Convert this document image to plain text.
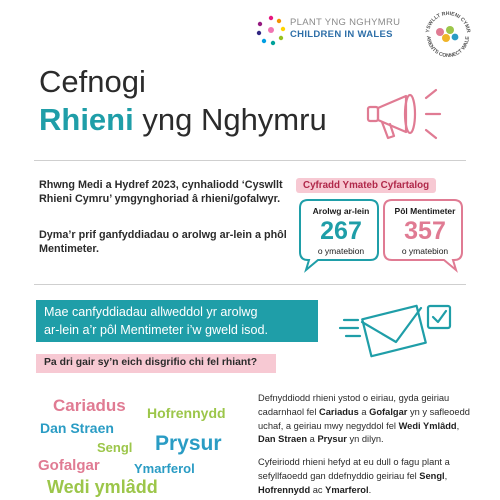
PLANT YNG NGHYMRU
CHILDREN IN WALES	YSWLLT RHIENI CYMR
ARENTS CONNECT WALE
Cefnogi
Rhieni yng Nghymru
Rhwng Medi a Hydref 2023, cynhaliodd ‘Cyswllt Rhieni Cymru’ ymgynghoriad â rhieni/gofalwyr.
Dyma’r prif ganfyddiadau o arolwg ar-lein a phôl Mentimeter.
Cyfradd Ymateb Cyfartalog
Arolwg ar-lein
267
o ymatebion
Pôl Mentimeter
357
o ymatebion
Mae canfyddiadau allweddol yr arolwg
ar-lein a’r pôl Mentimeter i’w gweld isod.
Pa dri gair sy’n eich disgrifio chi fel rhiant?
Cariadus Hofrennydd
Dan Straen
Sengl Prysur
Gofalgar	Ymarferol
Wedi ymlâdd
Defnyddiodd rhieni ystod o eiriau, gyda geiriau cadarnhaol fel Cariadus a Gofalgar yn y safleoedd uchaf, a geiriau mwy negyddol fel Wedi Ymlâdd, Dan Straen a Prysur yn dilyn.
Cyfeiriodd rhieni hefyd at eu dull o fagu plant a sefyllfaoedd gan ddefnyddio geiriau fel Sengl, Hofrennydd ac Ymarferol.
